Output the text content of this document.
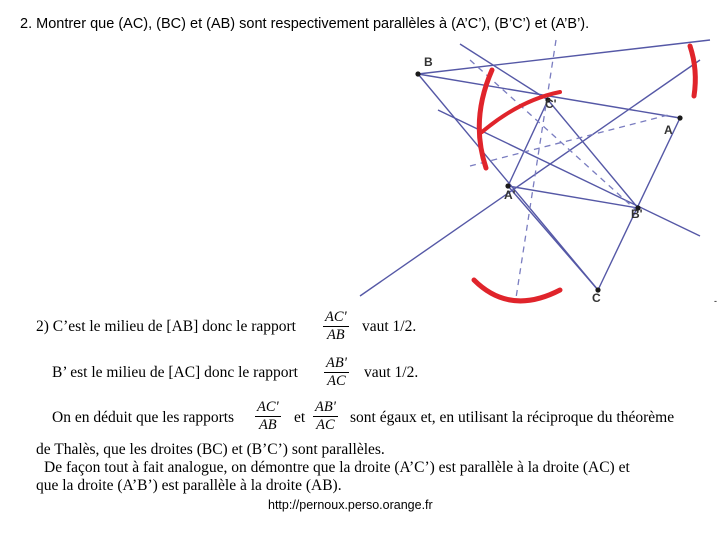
2. Montrer que (AC), (BC) et (AB) sont respectivement parallèles à (A’C’), (B’C’) et (A’B’).
B
C'
A
A'
B'
C	-
2) C’est le milieu de [AB] donc le rapport $\frac{AC'}{AB}$ vaut 1/2.
B’ est le milieu de [AC] donc le rapport $\frac{AB'}{AC}$ vaut 1/2.
On en déduit que les rapports $\frac{AC'}{AB}$ et $\frac{AB'}{AC}$ sont égaux et, en utilisant la réciproque du théorème
de Thalès, que les droites (BC) et (B’C’) sont parallèles.
De façon tout à fait analogue, on démontre que la droite (A’C’) est parallèle à la droite (AC) et
que la droite (A’B’) est parallèle à la droite (AB).
http://pernoux.perso.orange.fr
